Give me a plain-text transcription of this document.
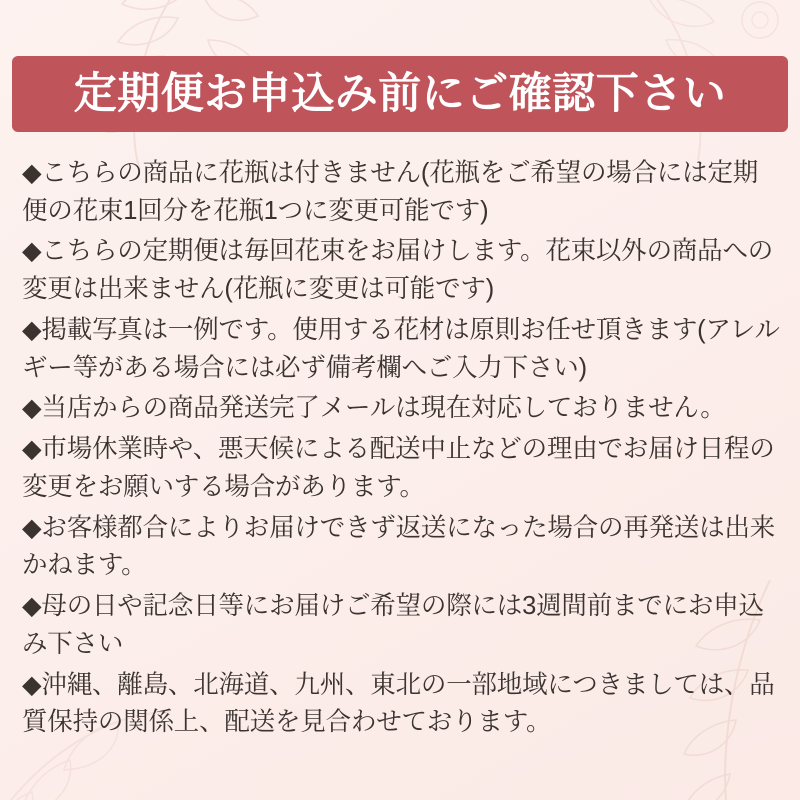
定期便お申込み前にご確認下さい

◆こちらの商品に花瓶は付きません(花瓶をご希望の場合には定期便の花束1回分を花瓶1つに変更可能です)

◆こちらの定期便は毎回花束をお届けします。花束以外の商品への変更は出来ません(花瓶に変更は可能です)

◆掲載写真は一例です。使用する花材は原則お任せ頂きます(アレルギー等がある場合には必ず備考欄へご入力下さい)

◆当店からの商品発送完了メールは現在対応しておりません。

◆市場休業時や、悪天候による配送中止などの理由でお届け日程の変更をお願いする場合があります。

◆お客様都合によりお届けできず返送になった場合の再発送は出来かねます。

◆母の日や記念日等にお届けご希望の際には3週間前までにお申込み下さい

◆沖縄、離島、北海道、九州、東北の一部地域につきましては、品質保持の関係上、配送を見合わせております。
